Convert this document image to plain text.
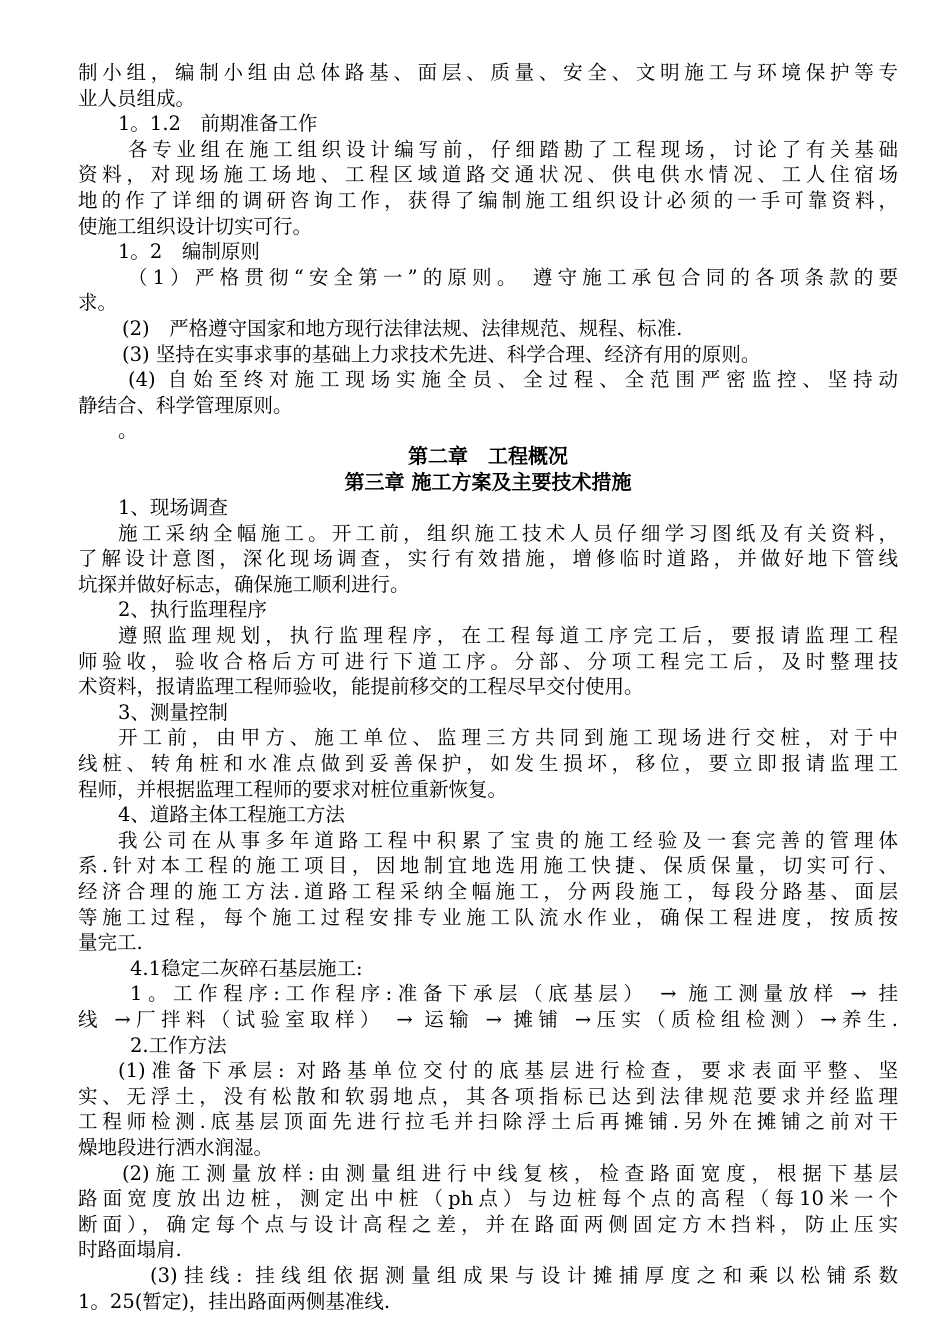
制小组，编制小组由总体路基、面层、质量、安全、文明施工与环境保护等专
业人员组成。
1。1.2　前期准备工作
各专业组在施工组织设计编写前，仔细踏勘了工程现场，讨论了有关基础
资料，对现场施工场地、工程区域道路交通状况、供电供水情况、工人住宿场
地的作了详细的调研咨询工作，获得了编制施工组织设计必须的一手可靠资料，
使施工组织设计切实可行。
1。2　编制原则
（1）严格贯彻“安全第一”的原则。 遵守施工承包合同的各项条款的要
求。
(2)　严格遵守国家和地方现行法律法规、法律规范、规程、标准.
(3) 坚持在实事求事的基础上力求技术先进、科学合理、经济有用的原则。
(4) 自始至终对施工现场实施全员、全过程、全范围严密监控、坚持动
静结合、科学管理原则。
。
第二章　工程概况
第三章 施工方案及主要技术措施
1、现场调查
施工采纳全幅施工。开工前，组织施工技术人员仔细学习图纸及有关资料，
了解设计意图，深化现场调查，实行有效措施，增修临时道路，并做好地下管线
坑探并做好标志，确保施工顺利进行。
2、执行监理程序
遵照监理规划，执行监理程序，在工程每道工序完工后，要报请监理工程
师验收，验收合格后方可进行下道工序。分部、分项工程完工后，及时整理技
术资料，报请监理工程师验收，能提前移交的工程尽早交付使用。
3、测量控制
开工前，由甲方、施工单位、监理三方共同到施工现场进行交桩，对于中
线桩、转角桩和水准点做到妥善保护，如发生损坏，移位，要立即报请监理工
程师，并根据监理工程师的要求对桩位重新恢复。
4、道路主体工程施工方法
我公司在从事多年道路工程中积累了宝贵的施工经验及一套完善的管理体
系.针对本工程的施工项目，因地制宜地选用施工快捷、保质保量，切实可行、
经济合理的施工方法.道路工程采纳全幅施工，分两段施工，每段分路基、面层
等施工过程，每个施工过程安排专业施工队流水作业，确保工程进度，按质按
量完工.
4.1稳定二灰碎石基层施工:
1。工作程序:工作程序:准备下承层（底基层） → 施工测量放样 → 挂
线 →厂拌料（试验室取样） → 运输 → 摊铺 →压实（质检组检测）→养生.
2.工作方法
(1)准备下承层: 对路基单位交付的底基层进行检查，要求表面平整、坚
实、无浮土，没有松散和软弱地点，其各项指标已达到法律规范要求并经监理
工程师检测.底基层顶面先进行拉毛并扫除浮土后再摊铺.另外在摊铺之前对干
燥地段进行洒水润湿。
(2)施工测量放样:由测量组进行中线复核，检查路面宽度，根据下基层
路面宽度放出边桩，测定出中桩（ph点）与边桩每个点的高程（每10米一个
断面），确定每个点与设计高程之差，并在路面两侧固定方木挡料，防止压实
时路面塌肩.
(3)挂线: 挂线组依据测量组成果与设计摊捕厚度之和乘以松铺系数
1。25(暂定)，挂出路面两侧基准线.
